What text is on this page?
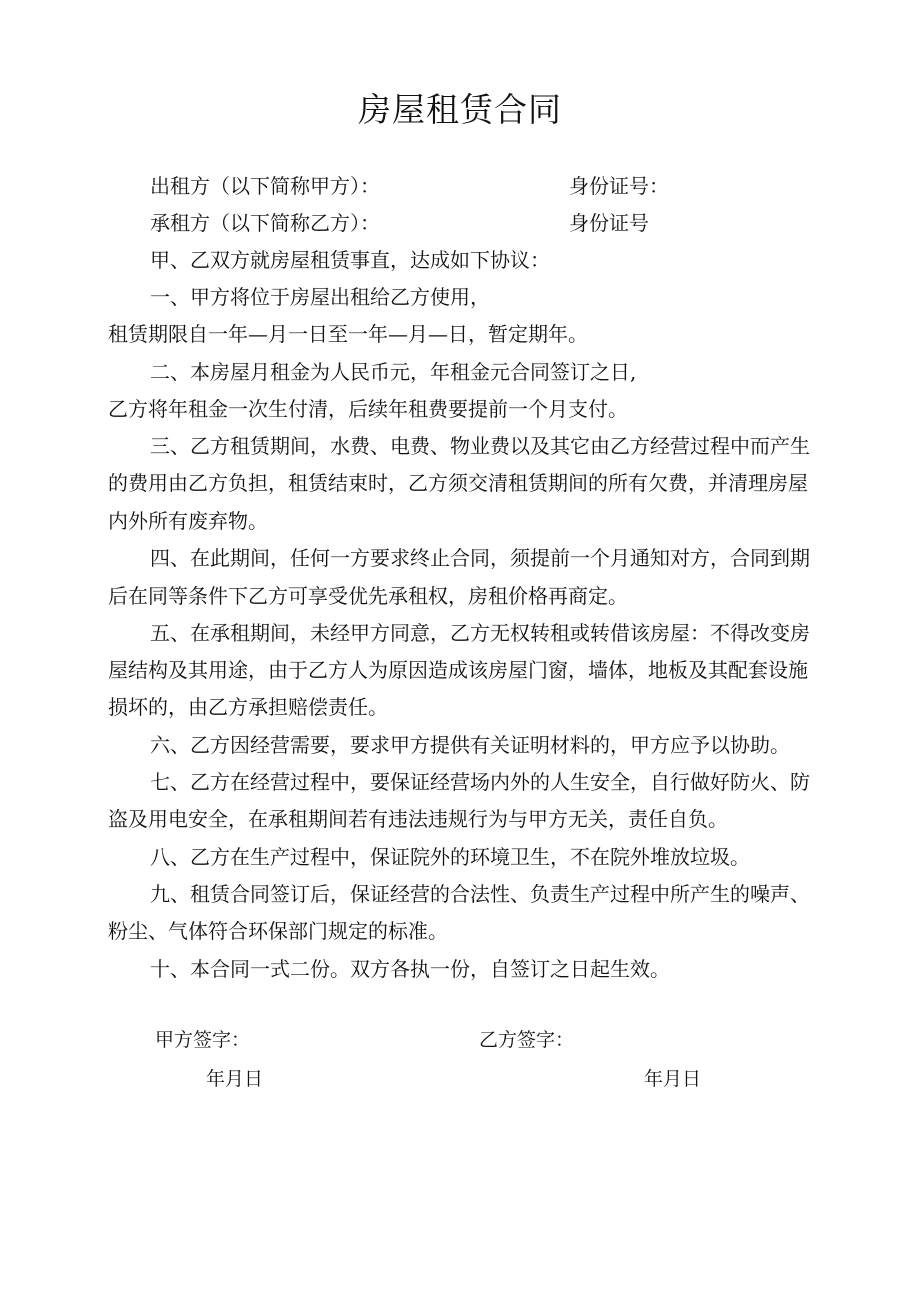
房屋租赁合同

出租方（以下简称甲方）：	身份证号：

承租方（以下简称乙方）：	身份证号

甲、乙双方就房屋租赁事直，达成如下协议：

一、甲方将位于房屋出租给乙方使用，

租赁期限自一年—月一日至一年—月—日，暂定期年。

二、本房屋月租金为人民币元，年租金元合同签订之日,

乙方将年租金一次生付清，后续年租费要提前一个月支付。

三、乙方租赁期间，水费、电费、物业费以及其它由乙方经营过程中而产生

的费用由乙方负担，租赁结束时，乙方须交清租赁期间的所有欠费，并清理房屋

内外所有废弃物。

四、在此期间，任何一方要求终止合同，须提前一个月通知对方，合同到期

后在同等条件下乙方可享受优先承租权，房租价格再商定。

五、在承租期间，未经甲方同意，乙方无权转租或转借该房屋：不得改变房

屋结构及其用途，由于乙方人为原因造成该房屋门窗，墙体，地板及其配套设施

损坏的，由乙方承担赔偿责任。

六、乙方因经营需要，要求甲方提供有关证明材料的，甲方应予以协助。

七、乙方在经营过程中，要保证经营场内外的人生安全，自行做好防火、防

盗及用电安全，在承租期间若有违法违规行为与甲方无关，责任自负。

八、乙方在生产过程中，保证院外的环境卫生，不在院外堆放垃圾。

九、租赁合同签订后，保证经营的合法性、负责生产过程中所产生的噪声、

粉尘、气体符合环保部门规定的标准。

十、本合同一式二份。双方各执一份，自签订之日起生效。

甲方签字：	乙方签字：

年月日	年月日
